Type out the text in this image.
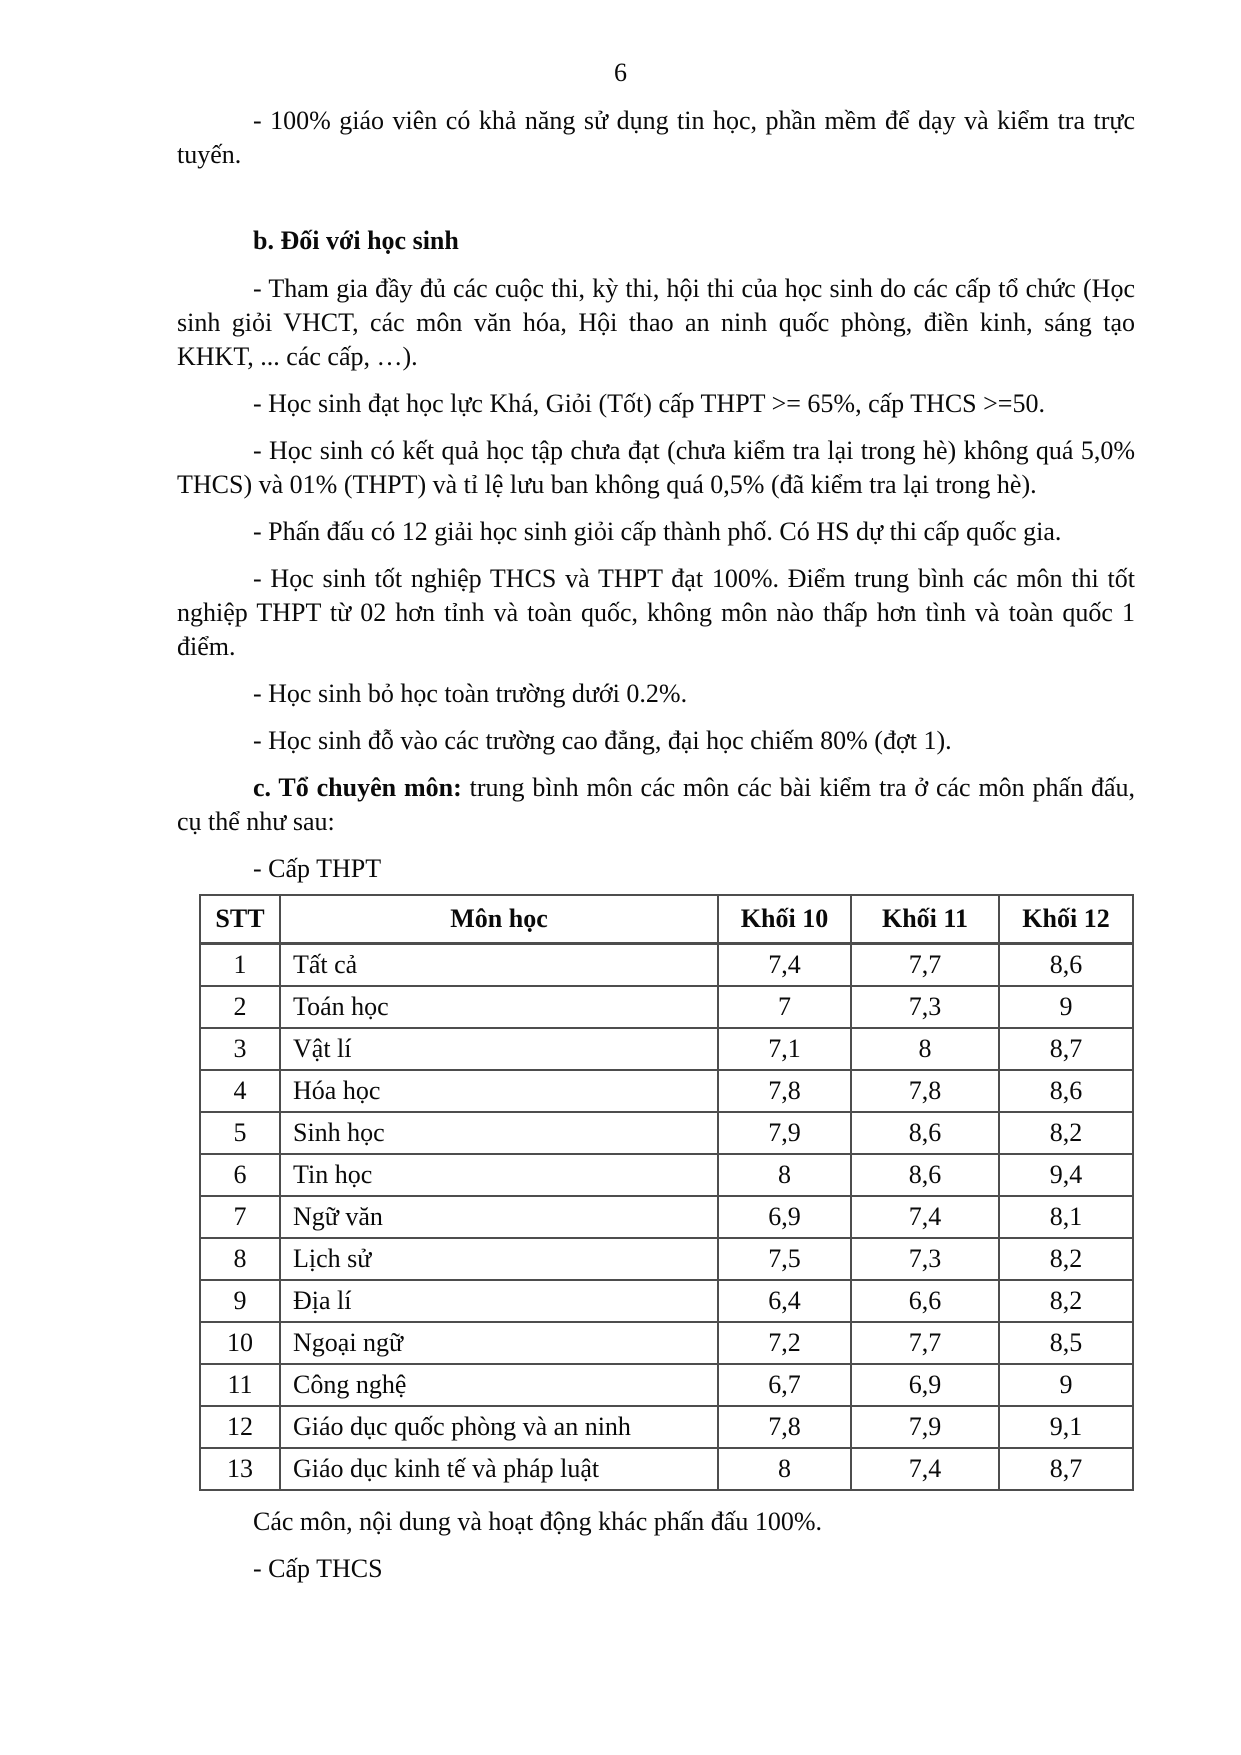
6

- 100% giáo viên có khả năng sử dụng tin học, phần mềm để dạy và kiểm tra trực tuyến.

b. Đối với học sinh

- Tham gia đầy đủ các cuộc thi, kỳ thi, hội thi của học sinh do các cấp tổ chức (Học sinh giỏi VHCT, các môn văn hóa, Hội thao an ninh quốc phòng, điền kinh, sáng tạo KHKT, ... các cấp, …).

- Học sinh đạt học lực Khá, Giỏi (Tốt) cấp THPT >= 65%, cấp THCS >=50.

- Học sinh có kết quả học tập chưa đạt (chưa kiểm tra lại trong hè) không quá 5,0% THCS) và 01% (THPT) và tỉ lệ lưu ban không quá 0,5% (đã kiểm tra lại trong hè).

- Phấn đấu có 12 giải học sinh giỏi cấp thành phố. Có HS dự thi cấp quốc gia.

- Học sinh tốt nghiệp THCS và THPT đạt 100%. Điểm trung bình các môn thi tốt nghiệp THPT từ 02 hơn tỉnh và toàn quốc, không môn nào thấp hơn tình và toàn quốc 1 điểm.

- Học sinh bỏ học toàn trường dưới 0.2%.

- Học sinh đỗ vào các trường cao đẳng, đại học chiếm 80% (đợt 1).

c. Tổ chuyên môn: trung bình môn các môn các bài kiểm tra ở các môn phấn đấu, cụ thể như sau:

- Cấp THPT

STT	Môn học	Khối 10	Khối 11	Khối 12
1	Tất cả	7,4	7,7	8,6
2	Toán học	7	7,3	9
3	Vật lí	7,1	8	8,7
4	Hóa học	7,8	7,8	8,6
5	Sinh học	7,9	8,6	8,2
6	Tin học	8	8,6	9,4
7	Ngữ văn	6,9	7,4	8,1
8	Lịch sử	7,5	7,3	8,2
9	Địa lí	6,4	6,6	8,2
10	Ngoại ngữ	7,2	7,7	8,5
11	Công nghệ	6,7	6,9	9
12	Giáo dục quốc phòng và an ninh	7,8	7,9	9,1
13	Giáo dục kinh tế và pháp luật	8	7,4	8,7

Các môn, nội dung và hoạt động khác phấn đấu 100%.

- Cấp THCS
